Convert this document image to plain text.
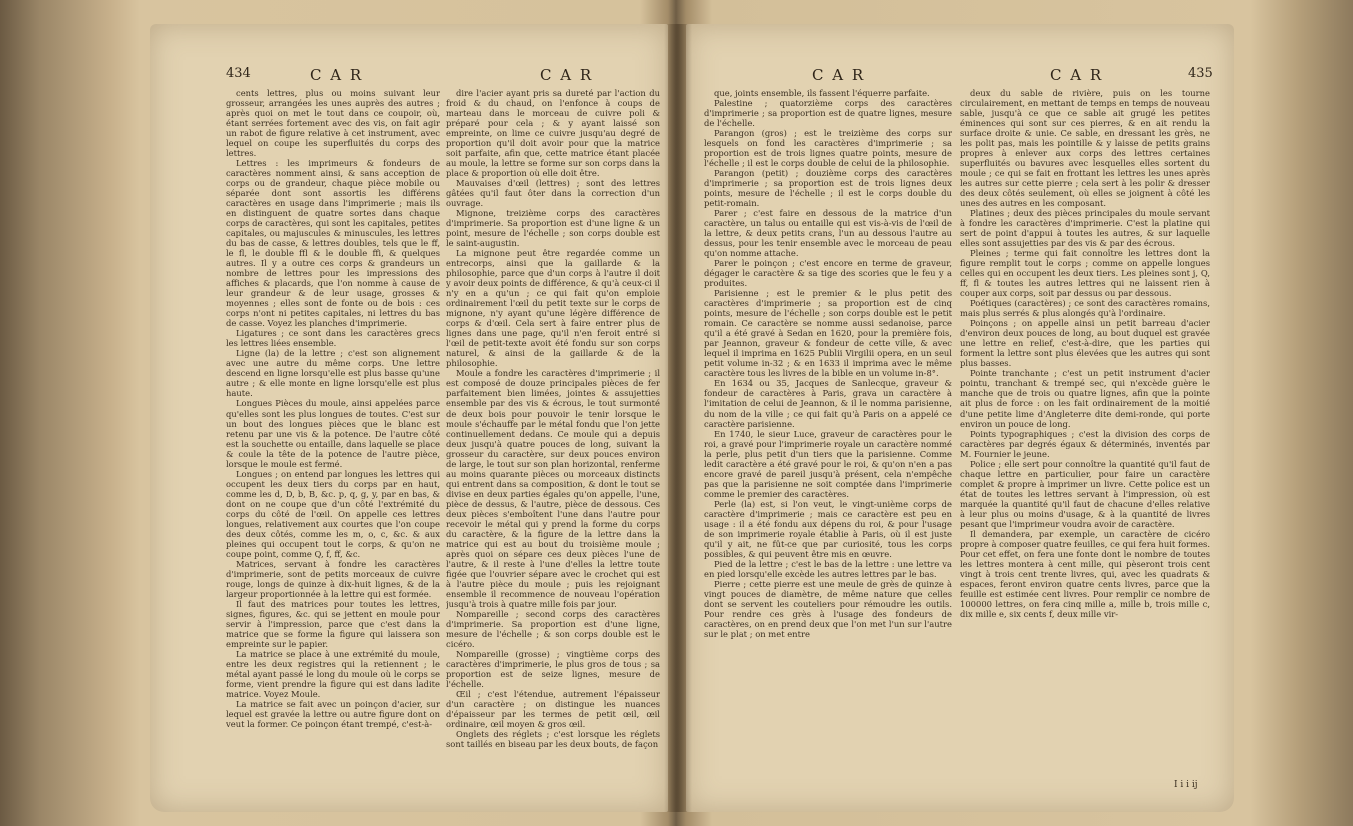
434	C A R	C A R	C A R	C A R	435

cents lettres, plus ou moins suivant leur grosseur, arrangées les unes auprès des autres ; après quoi on met le tout dans ce coupoir, où, étant serrées fortement avec des vis, on fait agir un rabot de figure relative à cet instrument, avec lequel on coupe les superfluités du corps des lettres.

Lettres : les imprimeurs & fondeurs de caractères nomment ainsi, & sans acception de corps ou de grandeur, chaque pièce mobile ou séparée dont sont assortis les différens caractères en usage dans l'imprimerie ; mais ils en distinguent de quatre sortes dans chaque corps de caractères, qui sont les capitales, petites capitales, ou majuscules & minuscules, les lettres du bas de casse, & lettres doubles, tels que le ff, le fl, le double ffl & le double ffi, & quelques autres. Il y a outre ces corps & grandeurs un nombre de lettres pour les impressions des affiches & placards, que l'on nomme à cause de leur grandeur & de leur usage, grosses & moyennes ; elles sont de fonte ou de bois : ces corps n'ont ni petites capitales, ni lettres du bas de casse. Voyez les planches d'imprimerie.

Ligatures ; ce sont dans les caractères grecs les lettres liées ensemble.

Ligne (la) de la lettre ; c'est son alignement avec une autre du même corps. Une lettre descend en ligne lorsqu'elle est plus basse qu'une autre ; & elle monte en ligne lorsqu'elle est plus haute.

Longues Pièces du moule, ainsi appelées parce qu'elles sont les plus longues de toutes. C'est sur un bout des longues pièces que le blanc est retenu par une vis & la potence. De l'autre côté est la souchette ou entaille, dans laquelle se place & coule la tête de la potence de l'autre pièce, lorsque le moule est fermé.

Longues ; on entend par longues les lettres qui occupent les deux tiers du corps par en haut, comme les d, D, b, B, &c. p, q, g, y, par en bas, & dont on ne coupe que d'un côté l'extrémité du corps du côté de l'œil. On appelle ces lettres longues, relativement aux courtes que l'on coupe des deux côtés, comme les m, o, c, &c. & aux pleines qui occupent tout le corps, & qu'on ne coupe point, comme Q, f, ff, &c.

Matrices, servant à fondre les caractères d'imprimerie, sont de petits morceaux de cuivre rouge, longs de quinze à dix-huit lignes, & de la largeur proportionnée à la lettre qui est formée.

Il faut des matrices pour toutes les lettres, signes, figures, &c. qui se jettent en moule pour servir à l'impression, parce que c'est dans la matrice que se forme la figure qui laissera son empreinte sur le papier.

La matrice se place à une extrémité du moule, entre les deux registres qui la retiennent ; le métal ayant passé le long du moule où le corps se forme, vient prendre la figure qui est dans ladite matrice. Voyez Moule.

La matrice se fait avec un poinçon d'acier, sur lequel est gravée la lettre ou autre figure dont on veut la former. Ce poinçon étant trempé, c'est-à-

dire l'acier ayant pris sa dureté par l'action du froid & du chaud, on l'enfonce à coups de marteau dans le morceau de cuivre poli & préparé pour cela ; & y ayant laissé son empreinte, on lime ce cuivre jusqu'au degré de proportion qu'il doit avoir pour que la matrice soit parfaite, afin que, cette matrice étant placée au moule, la lettre se forme sur son corps dans la place & proportion où elle doit être.

Mauvaises d'œil (lettres) ; sont des lettres gâtées qu'il faut ôter dans la correction d'un ouvrage.

Mignone, treizième corps des caractères d'imprimerie. Sa proportion est d'une ligne & un point, mesure de l'échelle ; son corps double est le saint-augustin.

La mignone peut être regardée comme un entrecorps, ainsi que la gaillarde & la philosophie, parce que d'un corps à l'autre il doit y avoir deux points de différence, & qu'à ceux-ci il n'y en a qu'un ; ce qui fait qu'on emploie ordinairement l'œil du petit texte sur le corps de mignone, n'y ayant qu'une légère différence de corps & d'œil. Cela sert à faire entrer plus de lignes dans une page, qu'il n'en feroit entré si l'œil de petit-texte avoit été fondu sur son corps naturel, & ainsi de la gaillarde & de la philosophie.

Moule a fondre les caractères d'imprimerie ; il est composé de douze principales pièces de fer parfaitement bien limées, jointes & assujetties ensemble par des vis & écrous, le tout surmonté de deux bois pour pouvoir le tenir lorsque le moule s'échauffe par le métal fondu que l'on jette continuellement dedans. Ce moule qui a depuis deux jusqu'à quatre pouces de long, suivant la grosseur du caractère, sur deux pouces environ de large, le tout sur son plan horizontal, renferme au moins quarante pièces ou morceaux distincts qui entrent dans sa composition, & dont le tout se divise en deux parties égales qu'on appelle, l'une, pièce de dessus, & l'autre, pièce de dessous. Ces deux pièces s'emboîtent l'une dans l'autre pour recevoir le métal qui y prend la forme du corps du caractère, & la figure de la lettre dans la matrice qui est au bout du troisième moule ; après quoi on sépare ces deux pièces l'une de l'autre, & il reste à l'une d'elles la lettre toute figée que l'ouvrier sépare avec le crochet qui est à l'autre pièce du moule ; puis les rejoignant ensemble il recommence de nouveau l'opération jusqu'à trois à quatre mille fois par jour.

Nompareille ; second corps des caractères d'imprimerie. Sa proportion est d'une ligne, mesure de l'échelle ; & son corps double est le cicéro.

Nompareille (grosse) ; vingtième corps des caractères d'imprimerie, le plus gros de tous ; sa proportion est de seize lignes, mesure de l'échelle.

Œil ; c'est l'étendue, autrement l'épaisseur d'un caractère ; on distingue les nuances d'épaisseur par les termes de petit œil, œil ordinaire, œil moyen & gros œil.

Onglets des réglets ; c'est lorsque les réglets sont taillés en biseau par les deux bouts, de façon

que, joints ensemble, ils fassent l'équerre parfaite.

Palestine ; quatorzième corps des caractères d'imprimerie ; sa proportion est de quatre lignes, mesure de l'échelle.

Parangon (gros) ; est le treizième des corps sur lesquels on fond les caractères d'imprimerie ; sa proportion est de trois lignes quatre points, mesure de l'échelle ; il est le corps double de celui de la philosophie.

Parangon (petit) ; douzième corps des caractères d'imprimerie ; sa proportion est de trois lignes deux points, mesure de l'échelle ; il est le corps double du petit-romain.

Parer ; c'est faire en dessous de la matrice d'un caractère, un talus ou entaille qui est vis-à-vis de l'œil de la lettre, & deux petits crans, l'un au dessous l'autre au dessus, pour les tenir ensemble avec le morceau de peau qu'on nomme attache.

Parer le poinçon ; c'est encore en terme de graveur, dégager le caractère & sa tige des scories que le feu y a produites.

Parisienne ; est le premier & le plus petit des caractères d'imprimerie ; sa proportion est de cinq points, mesure de l'échelle ; son corps double est le petit romain. Ce caractère se nomme aussi sedanoise, parce qu'il a été gravé à Sedan en 1620, pour la première fois, par Jeannon, graveur & fondeur de cette ville, & avec lequel il imprima en 1625 Publii Virgilii opera, en un seul petit volume in-32 ; & en 1633 il imprima avec le même caractère tous les livres de la bible en un volume in-8°.

En 1634 ou 35, Jacques de Sanlecque, graveur & fondeur de caractères à Paris, grava un caractère à l'imitation de celui de Jeannon, & il le nomma parisienne, du nom de la ville ; ce qui fait qu'à Paris on a appelé ce caractère parisienne.

En 1740, le sieur Luce, graveur de caractères pour le roi, a gravé pour l'imprimerie royale un caractère nommé la perle, plus petit d'un tiers que la parisienne. Comme ledit caractère a été gravé pour le roi, & qu'on n'en a pas encore gravé de pareil jusqu'à présent, cela n'empêche pas que la parisienne ne soit comptée dans l'imprimerie comme le premier des caractères.

Perle (la) est, si l'on veut, le vingt-unième corps de caractère d'imprimerie ; mais ce caractère est peu en usage : il a été fondu aux dépens du roi, & pour l'usage de son imprimerie royale établie à Paris, où il est juste qu'il y ait, ne fût-ce que par curiosité, tous les corps possibles, & qui peuvent être mis en œuvre.

Pied de la lettre ; c'est le bas de la lettre : une lettre va en pied lorsqu'elle excède les autres lettres par le bas.

Pierre ; cette pierre est une meule de grès de quinze à vingt pouces de diamètre, de même nature que celles dont se servent les couteliers pour rémoudre les outils. Pour rendre ces grès à l'usage des fondeurs de caractères, on en prend deux que l'on met l'un sur l'autre sur le plat ; on met entre

deux du sable de rivière, puis on les tourne circulairement, en mettant de temps en temps de nouveau sable, jusqu'à ce que ce sable ait grugé les petites éminences qui sont sur ces pierres, & en ait rendu la surface droite & unie. Ce sable, en dressant les grès, ne les polit pas, mais les pointille & y laisse de petits grains propres à enlever aux corps des lettres certaines superfluités ou bavures avec lesquelles elles sortent du moule ; ce qui se fait en frottant les lettres les unes après les autres sur cette pierre ; cela sert à les polir & dresser des deux côtés seulement, où elles se joignent à côté les unes des autres en les composant.

Platines ; deux des pièces principales du moule servant à fondre les caractères d'imprimerie. C'est la platine qui sert de point d'appui à toutes les autres, & sur laquelle elles sont assujetties par des vis & par des écrous.

Pleines ; terme qui fait connoître les lettres dont la figure remplit tout le corps ; comme on appelle longues celles qui en occupent les deux tiers. Les pleines sont j, Q, ff, fl & toutes les autres lettres qui ne laissent rien à couper aux corps, soit par dessus ou par dessous.

Poétiques (caractères) ; ce sont des caractères romains, mais plus serrés & plus alongés qu'à l'ordinaire.

Poinçons ; on appelle ainsi un petit barreau d'acier d'environ deux pouces de long, au bout duquel est gravée une lettre en relief, c'est-à-dire, que les parties qui forment la lettre sont plus élevées que les autres qui sont plus basses.

Pointe tranchante ; c'est un petit instrument d'acier pointu, tranchant & trempé sec, qui n'excède guère le manche que de trois ou quatre lignes, afin que la pointe ait plus de force : on les fait ordinairement de la moitié d'une petite lime d'Angleterre dite demi-ronde, qui porte environ un pouce de long.

Points typographiques ; c'est la division des corps de caractères par degrés égaux & déterminés, inventés par M. Fournier le jeune.

Police ; elle sert pour connoître la quantité qu'il faut de chaque lettre en particulier, pour faire un caractère complet & propre à imprimer un livre. Cette police est un état de toutes les lettres servant à l'impression, où est marquée la quantité qu'il faut de chacune d'elles relative à leur plus ou moins d'usage, & à la quantité de livres pesant que l'imprimeur voudra avoir de caractère.

Il demandera, par exemple, un caractère de cicéro propre à composer quatre feuilles, ce qui fera huit formes. Pour cet effet, on fera une fonte dont le nombre de toutes les lettres montera à cent mille, qui pèseront trois cent vingt à trois cent trente livres, qui, avec les quadrats & espaces, feront environ quatre cents livres, parce que la feuille est estimée cent livres. Pour remplir ce nombre de 100000 lettres, on fera cinq mille a, mille b, trois mille c, dix mille e, six cents f, deux mille vir-

I i i ij
